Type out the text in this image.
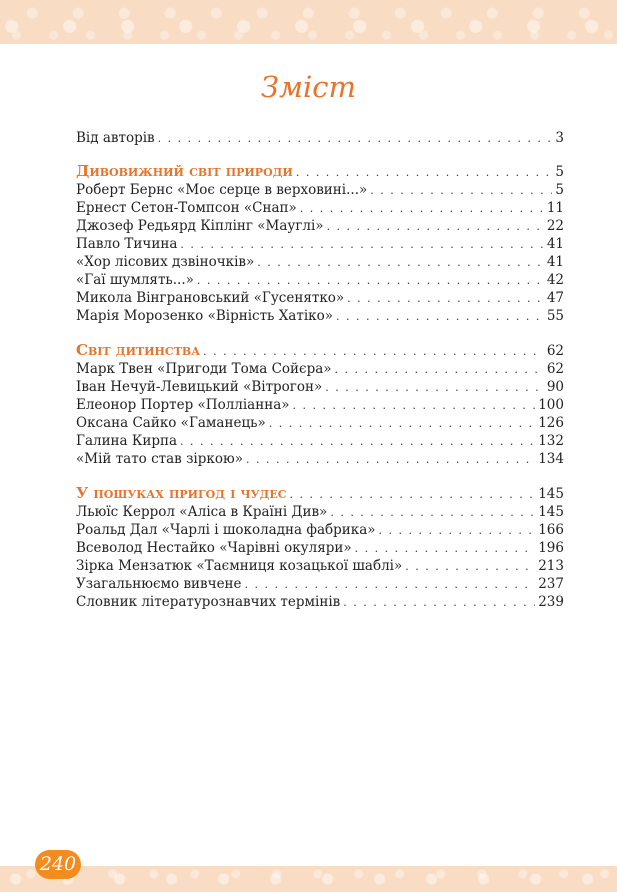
Зміст
Від авторів . . .	3
Дивовижний світ природи . . .	5
Роберт Бернс «Моє серце в верховині...» . . .	5
Ернест Сетон-Томпсон «Снап» . . .	11
Джозеф Редьярд Кіплінг «Мауглі» . . .	22
Павло Тичина . . .	41
«Хор лісових дзвіночків» . . .	41
«Гаї шумлять...» . . .	42
Микола Вінграновський «Гусенятко» . . .	47
Марія Морозенко «Вірність Хатіко» . . .	55
Світ дитинства . . .	62
Марк Твен «Пригоди Тома Сойєра» . . .	62
Іван Нечуй-Левицький «Вітрогон» . . .	90
Елеонор Портер «Полліанна» . . .	100
Оксана Сайко «Гаманець» . . .	126
Галина Кирпа . . .	132
«Мій тато став зіркою» . . .	134
У пошуках пригод і чудес . . .	145
Льюїс Керрол «Аліса в Країні Див» . . .	145
Роальд Дал «Чарлі і шоколадна фабрика» . . .	166
Всеволод Нестайко «Чарівні окуляри» . . .	196
Зірка Мензатюк «Таємниця козацької шаблі» . . .	213
Узагальнюємо вивчене . . .	237
Словник літературознавчих термінів . . .	239
240
